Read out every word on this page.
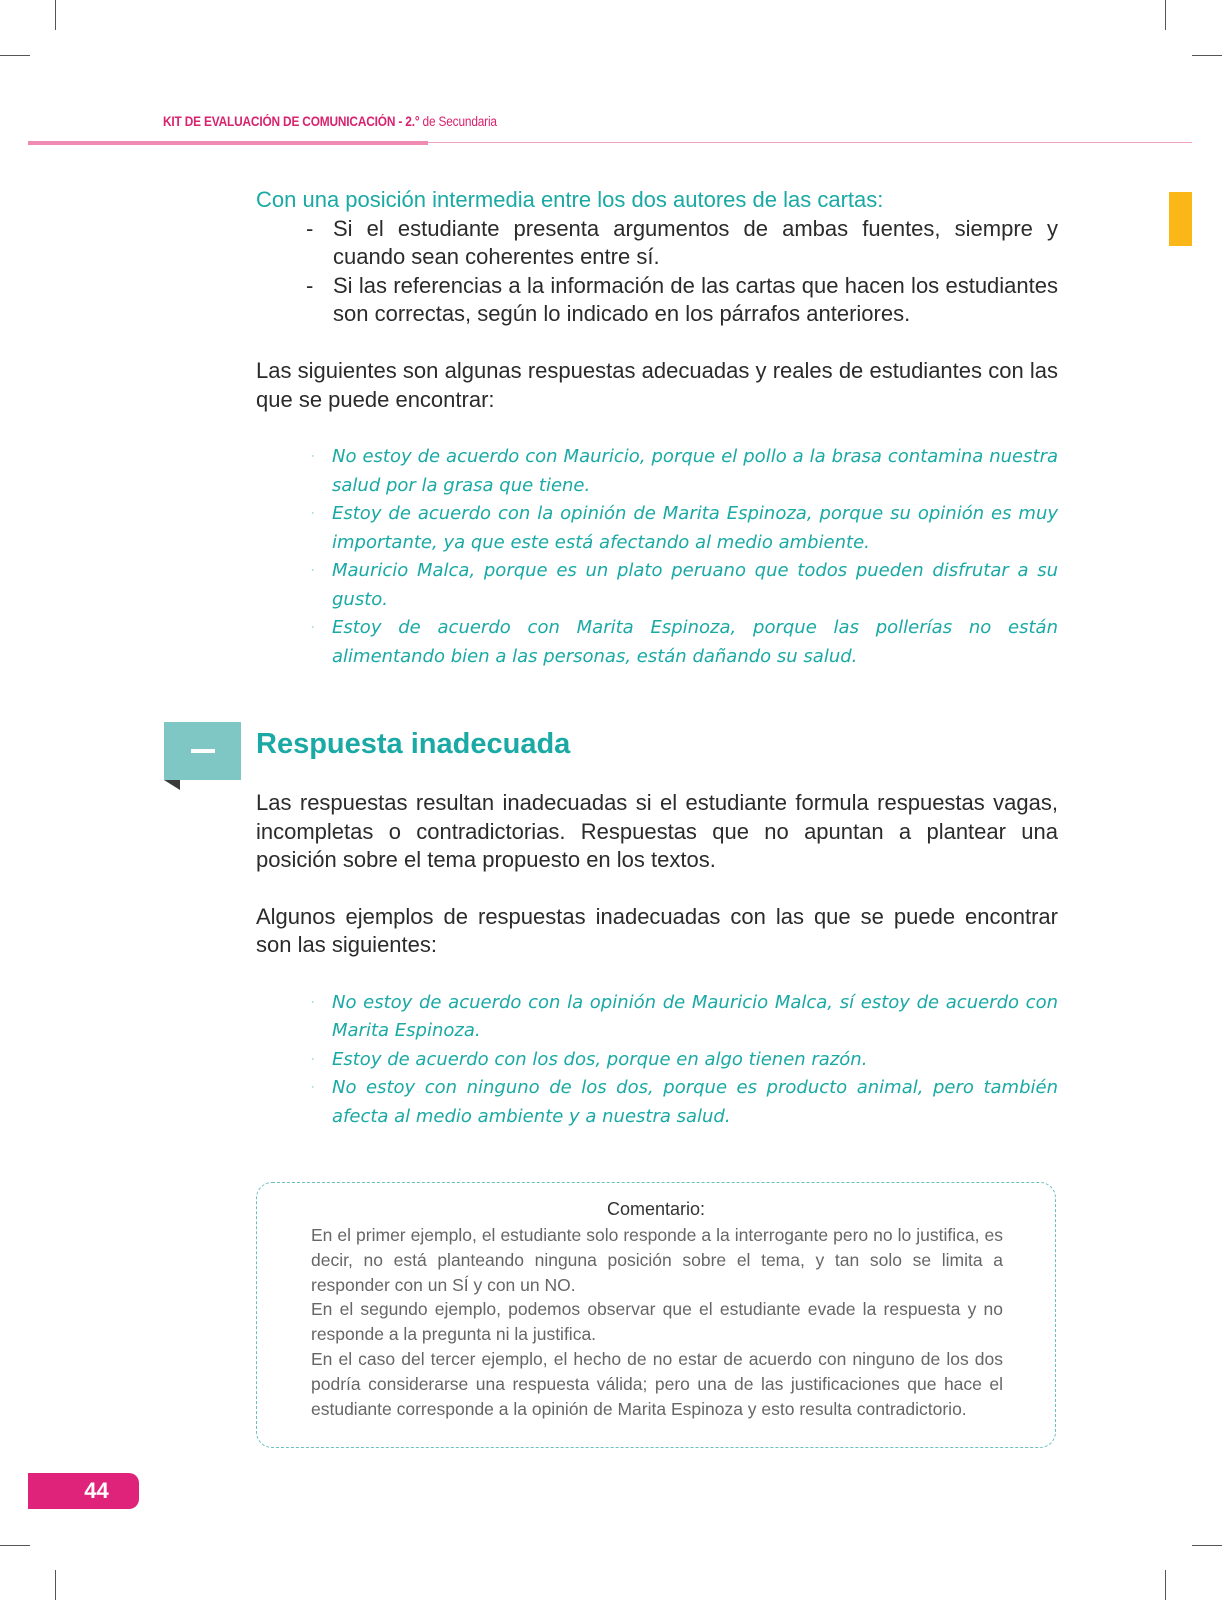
KIT DE EVALUACIÓN DE COMUNICACIÓN - 2.° de Secundaria

Con una posición intermedia entre los dos autores de las cartas:

- Si el estudiante presenta argumentos de ambas fuentes, siempre y cuando sean coherentes entre sí.
- Si las referencias a la información de las cartas que hacen los estudiantes son correctas, según lo indicado en los párrafos anteriores.

Las siguientes son algunas respuestas adecuadas y reales de estudiantes con las que se puede encontrar:

· No estoy de acuerdo con Mauricio, porque el pollo a la brasa contamina nuestra salud por la grasa que tiene.
· Estoy de acuerdo con la opinión de Marita Espinoza, porque su opinión es muy importante, ya que este está afectando al medio ambiente.
· Mauricio Malca, porque es un plato peruano que todos pueden disfrutar a su gusto.
· Estoy de acuerdo con Marita Espinoza, porque las pollerías no están alimentando bien a las personas, están dañando su salud.
Respuesta inadecuada

Las respuestas resultan inadecuadas si el estudiante formula respuestas vagas, incompletas o contradictorias. Respuestas que no apuntan a plantear una posición sobre el tema propuesto en los textos.

Algunos ejemplos de respuestas inadecuadas con las que se puede encontrar son las siguientes:

· No estoy de acuerdo con la opinión de Mauricio Malca, sí estoy de acuerdo con Marita Espinoza.
· Estoy de acuerdo con los dos, porque en algo tienen razón.
· No estoy con ninguno de los dos, porque es producto animal, pero también afecta al medio ambiente y a nuestra salud.
Comentario:

En el primer ejemplo, el estudiante solo responde a la interrogante pero no lo justifica, es decir, no está planteando ninguna posición sobre el tema, y tan solo se limita a responder con un SÍ y con un NO.

En el segundo ejemplo, podemos observar que el estudiante evade la respuesta y no responde a la pregunta ni la justifica.

En el caso del tercer ejemplo, el hecho de no estar de acuerdo con ninguno de los dos podría considerarse una respuesta válida; pero una de las justificaciones que hace el estudiante corresponde a la opinión de Marita Espinoza y esto resulta contradictorio.

44
